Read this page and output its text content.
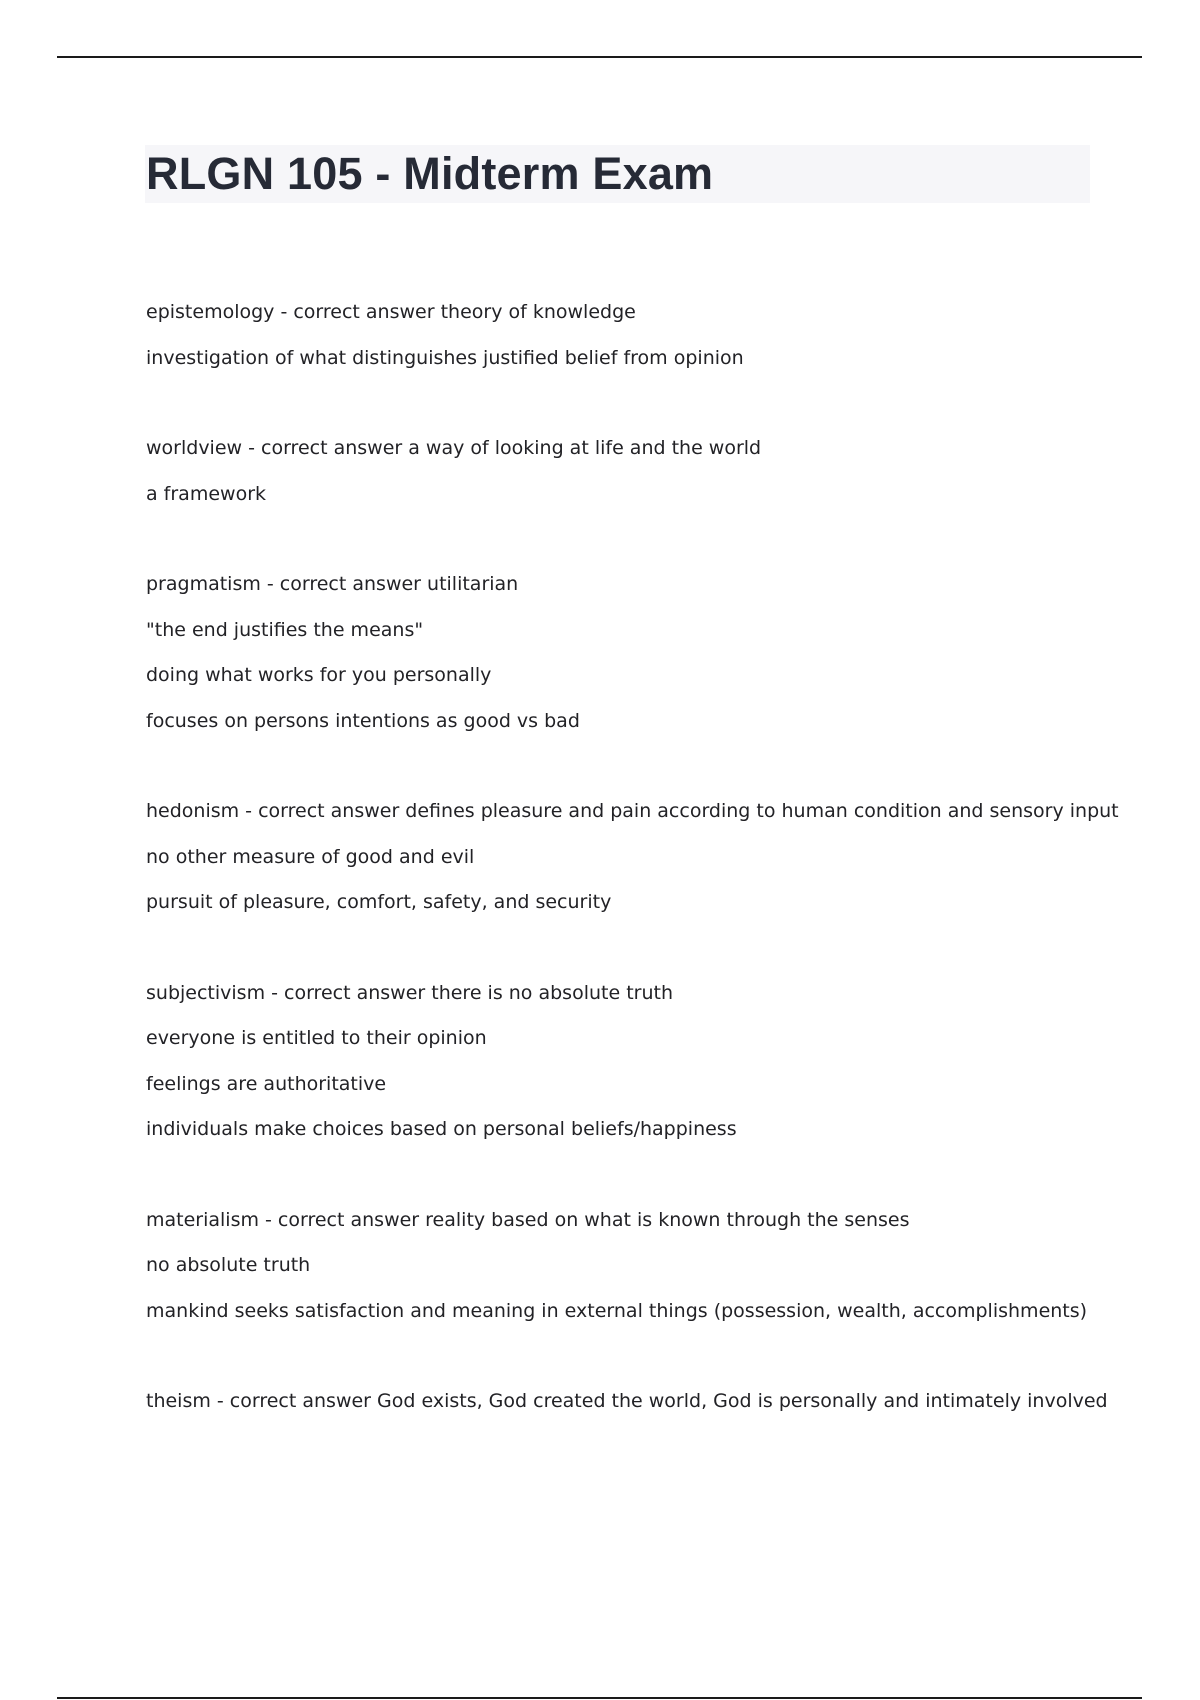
RLGN 105 - Midterm Exam
epistemology - correct answer theory of knowledge
investigation of what distinguishes justified belief from opinion
worldview - correct answer a way of looking at life and the world
a framework
pragmatism - correct answer utilitarian
"the end justifies the means"
doing what works for you personally
focuses on persons intentions as good vs bad
hedonism - correct answer defines pleasure and pain according to human condition and sensory input
no other measure of good and evil
pursuit of pleasure, comfort, safety, and security
subjectivism - correct answer there is no absolute truth
everyone is entitled to their opinion
feelings are authoritative
individuals make choices based on personal beliefs/happiness
materialism - correct answer reality based on what is known through the senses
no absolute truth
mankind seeks satisfaction and meaning in external things (possession, wealth, accomplishments)
theism - correct answer God exists, God created the world, God is personally and intimately involved
